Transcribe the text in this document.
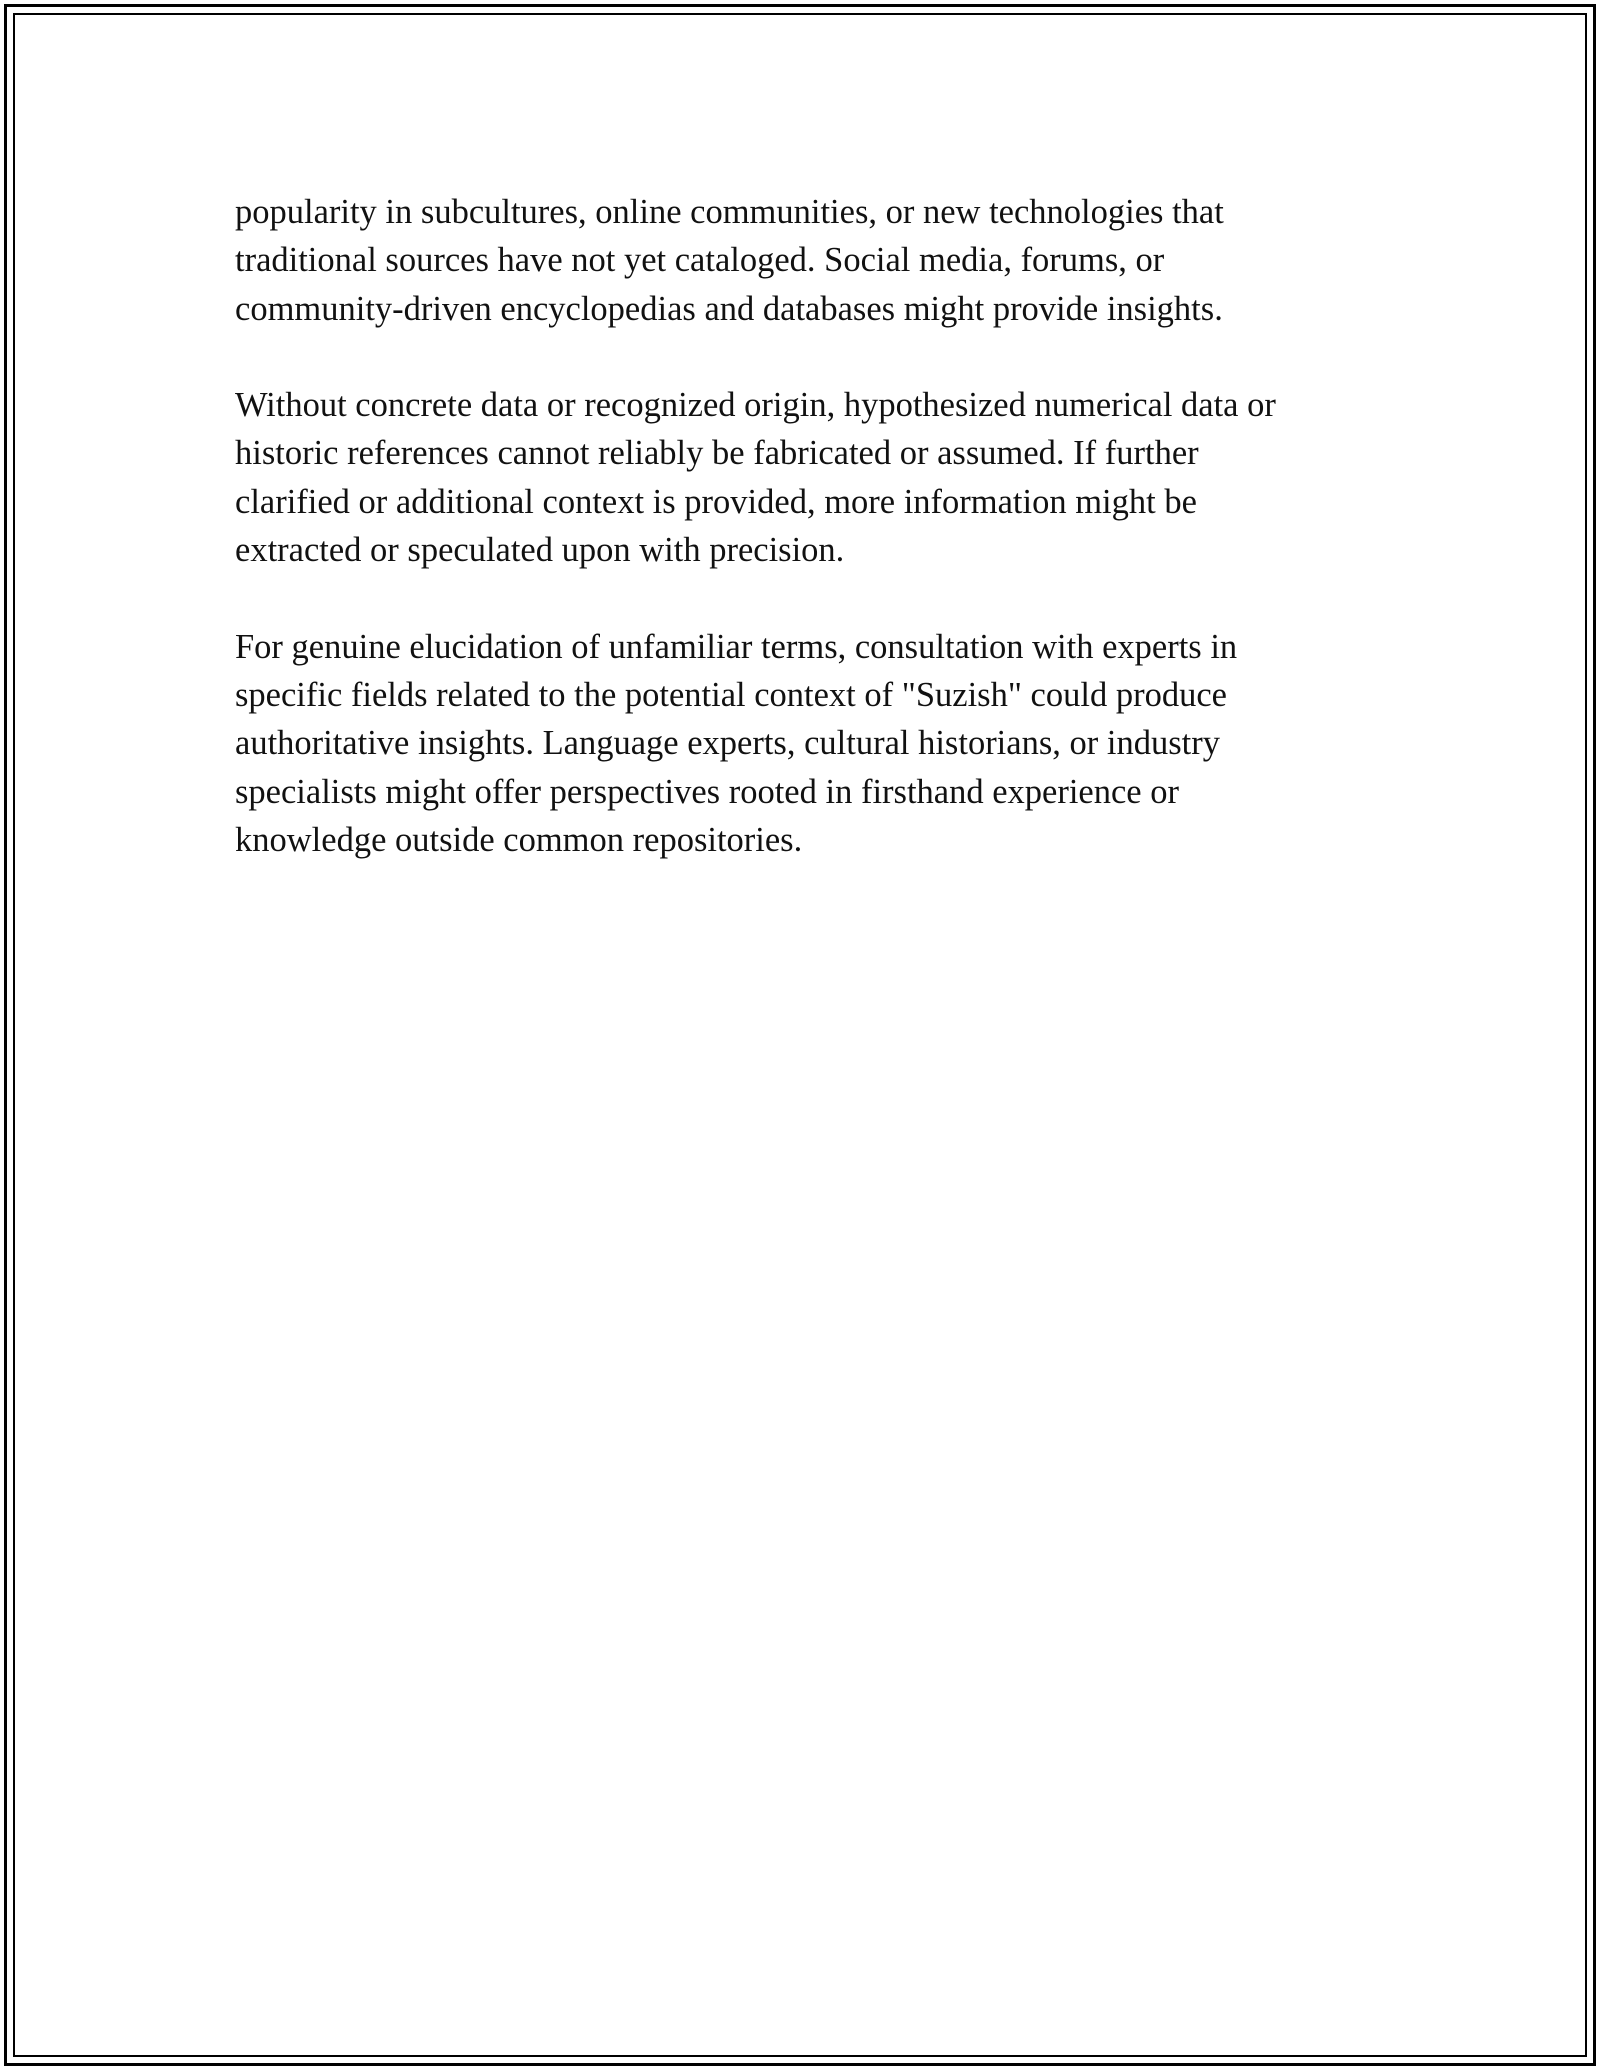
popularity in subcultures, online communities, or new technologies that
traditional sources have not yet cataloged. Social media, forums, or
community-driven encyclopedias and databases might provide insights.

Without concrete data or recognized origin, hypothesized numerical data or
historic references cannot reliably be fabricated or assumed. If further
clarified or additional context is provided, more information might be
extracted or speculated upon with precision.

For genuine elucidation of unfamiliar terms, consultation with experts in
specific fields related to the potential context of "Suzish" could produce
authoritative insights. Language experts, cultural historians, or industry
specialists might offer perspectives rooted in firsthand experience or
knowledge outside common repositories.
